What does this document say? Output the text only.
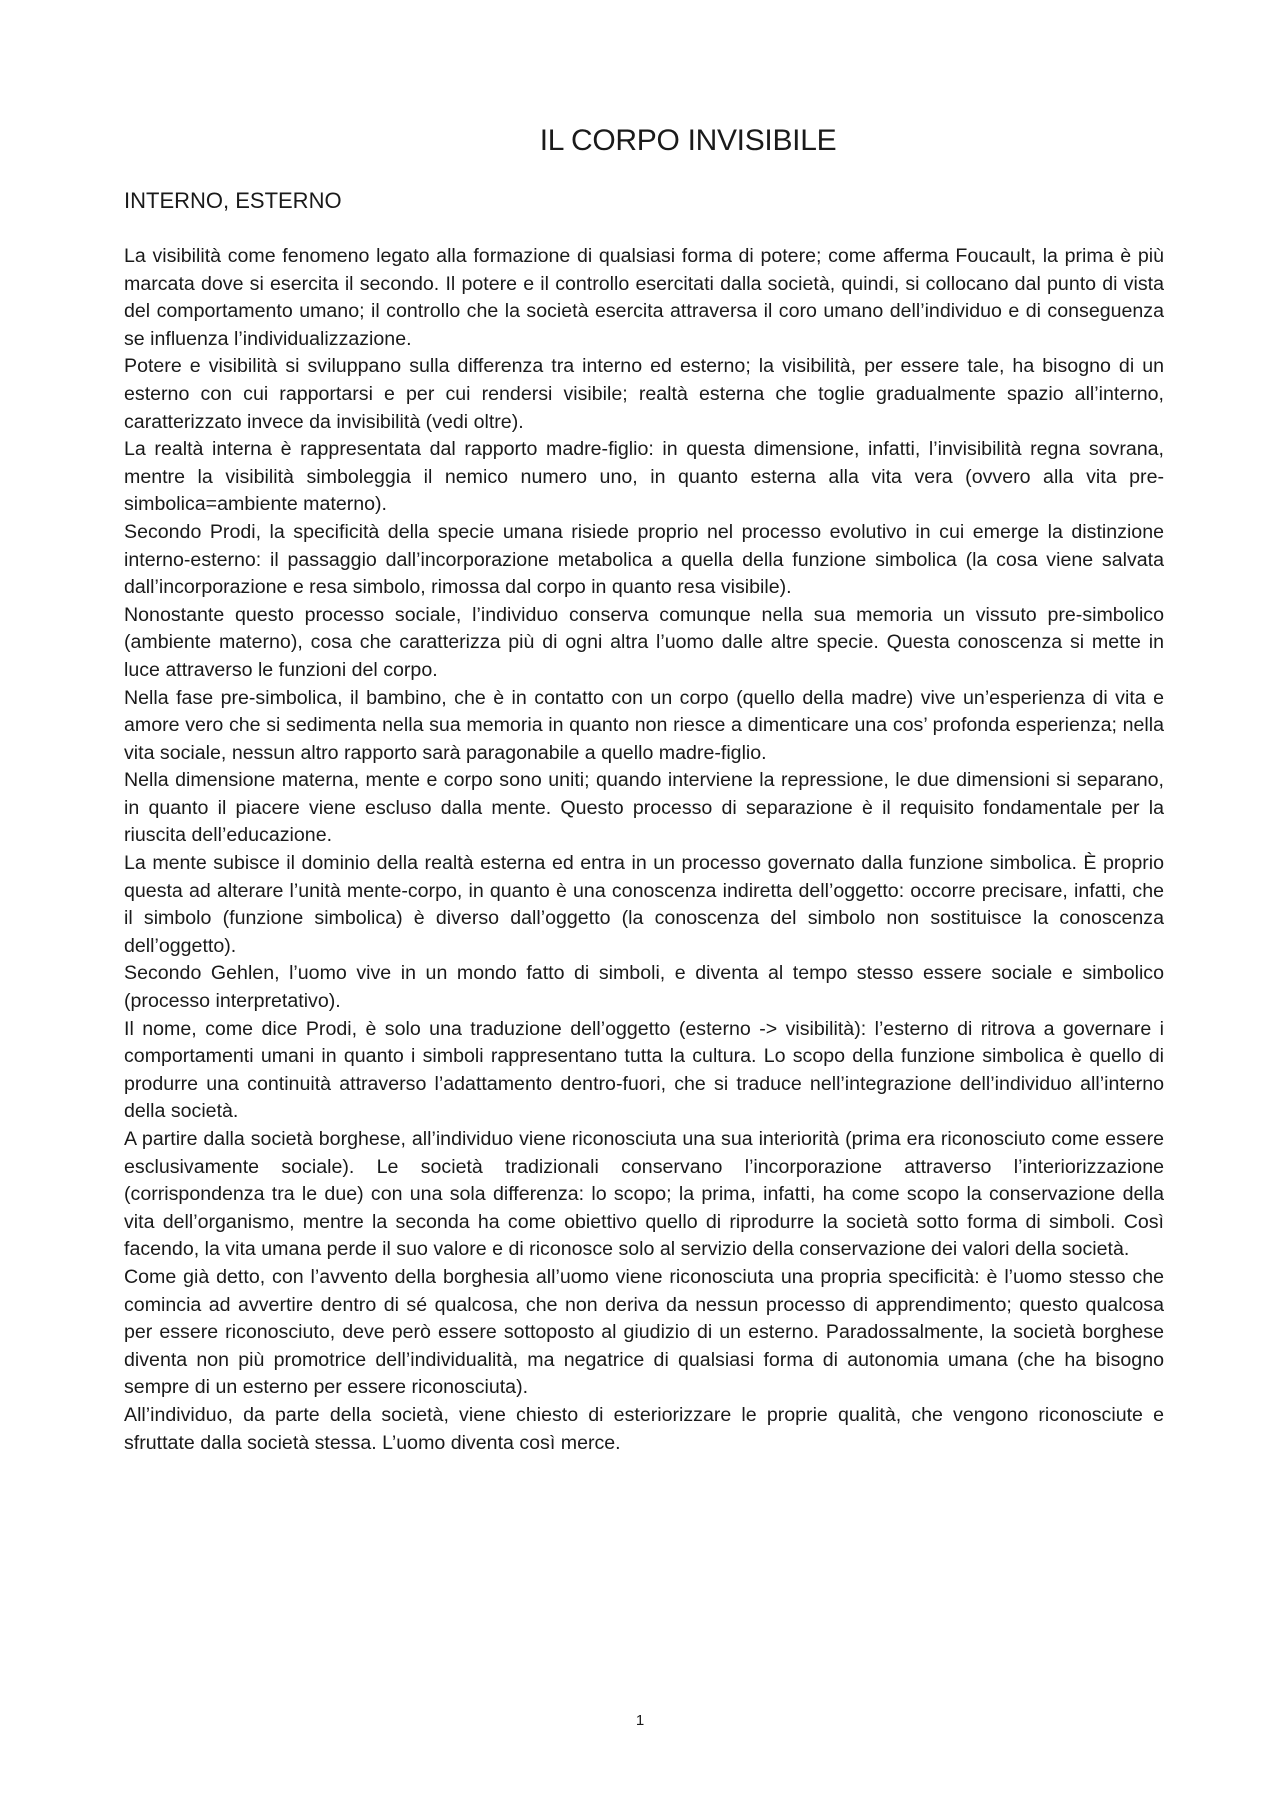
IL CORPO INVISIBILE
INTERNO, ESTERNO

La visibilità come fenomeno legato alla formazione di qualsiasi forma di potere; come afferma Foucault, la prima è più marcata dove si esercita il secondo. Il potere e il controllo esercitati dalla società, quindi, si collocano dal punto di vista del comportamento umano; il controllo che la società esercita attraversa il coro umano dell’individuo e di conseguenza se influenza l’individualizzazione.

Potere e visibilità si sviluppano sulla differenza tra interno ed esterno; la visibilità, per essere tale, ha bisogno di un esterno con cui rapportarsi e per cui rendersi visibile; realtà esterna che toglie gradualmente spazio all’interno, caratterizzato invece da invisibilità (vedi oltre).

La realtà interna è rappresentata dal rapporto madre-figlio: in questa dimensione, infatti, l’invisibilità regna sovrana, mentre la visibilità simboleggia il nemico numero uno, in quanto esterna alla vita vera (ovvero alla vita pre-simbolica=ambiente materno).

Secondo Prodi, la specificità della specie umana risiede proprio nel processo evolutivo in cui emerge la distinzione interno-esterno: il passaggio dall’incorporazione metabolica a quella della funzione simbolica (la cosa viene salvata dall’incorporazione e resa simbolo, rimossa dal corpo in quanto resa visibile).

Nonostante questo processo sociale, l’individuo conserva comunque nella sua memoria un vissuto pre-simbolico (ambiente materno), cosa che caratterizza più di ogni altra l’uomo dalle altre specie. Questa conoscenza si mette in luce attraverso le funzioni del corpo.

Nella fase pre-simbolica, il bambino, che è in contatto con un corpo (quello della madre) vive un’esperienza di vita e amore vero che si sedimenta nella sua memoria in quanto non riesce a dimenticare una cos’ profonda esperienza; nella vita sociale, nessun altro rapporto sarà paragonabile a quello madre-figlio.

Nella dimensione materna, mente e corpo sono uniti; quando interviene la repressione, le due dimensioni si separano, in quanto il piacere viene escluso dalla mente. Questo processo di separazione è il requisito fondamentale per la riuscita dell’educazione.

La mente subisce il dominio della realtà esterna ed entra in un processo governato dalla funzione simbolica. È proprio questa ad alterare l’unità mente-corpo, in quanto è una conoscenza indiretta dell’oggetto: occorre precisare, infatti, che il simbolo (funzione simbolica) è diverso dall’oggetto (la conoscenza del simbolo non sostituisce la conoscenza dell’oggetto).

Secondo Gehlen, l’uomo vive in un mondo fatto di simboli, e diventa al tempo stesso essere sociale e simbolico (processo interpretativo).

Il nome, come dice Prodi, è solo una traduzione dell’oggetto (esterno -> visibilità): l’esterno di ritrova a governare i comportamenti umani in quanto i simboli rappresentano tutta la cultura. Lo scopo della funzione simbolica è quello di produrre una continuità attraverso l’adattamento dentro-fuori, che si traduce nell’integrazione dell’individuo all’interno della società.

A partire dalla società borghese, all’individuo viene riconosciuta una sua interiorità (prima era riconosciuto come essere esclusivamente sociale). Le società tradizionali conservano l’incorporazione attraverso l’interiorizzazione (corrispondenza tra le due) con una sola differenza: lo scopo; la prima, infatti, ha come scopo la conservazione della vita dell’organismo, mentre la seconda ha come obiettivo quello di riprodurre la società sotto forma di simboli. Così facendo, la vita umana perde il suo valore e di riconosce solo al servizio della conservazione dei valori della società.

Come già detto, con l’avvento della borghesia all’uomo viene riconosciuta una propria specificità: è l’uomo stesso che comincia ad avvertire dentro di sé qualcosa, che non deriva da nessun processo di apprendimento; questo qualcosa per essere riconosciuto, deve però essere sottoposto al giudizio di un esterno. Paradossalmente, la società borghese diventa non più promotrice dell’individualità, ma negatrice di qualsiasi forma di autonomia umana (che ha bisogno sempre di un esterno per essere riconosciuta).

All’individuo, da parte della società, viene chiesto di esteriorizzare le proprie qualità, che vengono riconosciute e sfruttate dalla società stessa. L’uomo diventa così merce.

1
